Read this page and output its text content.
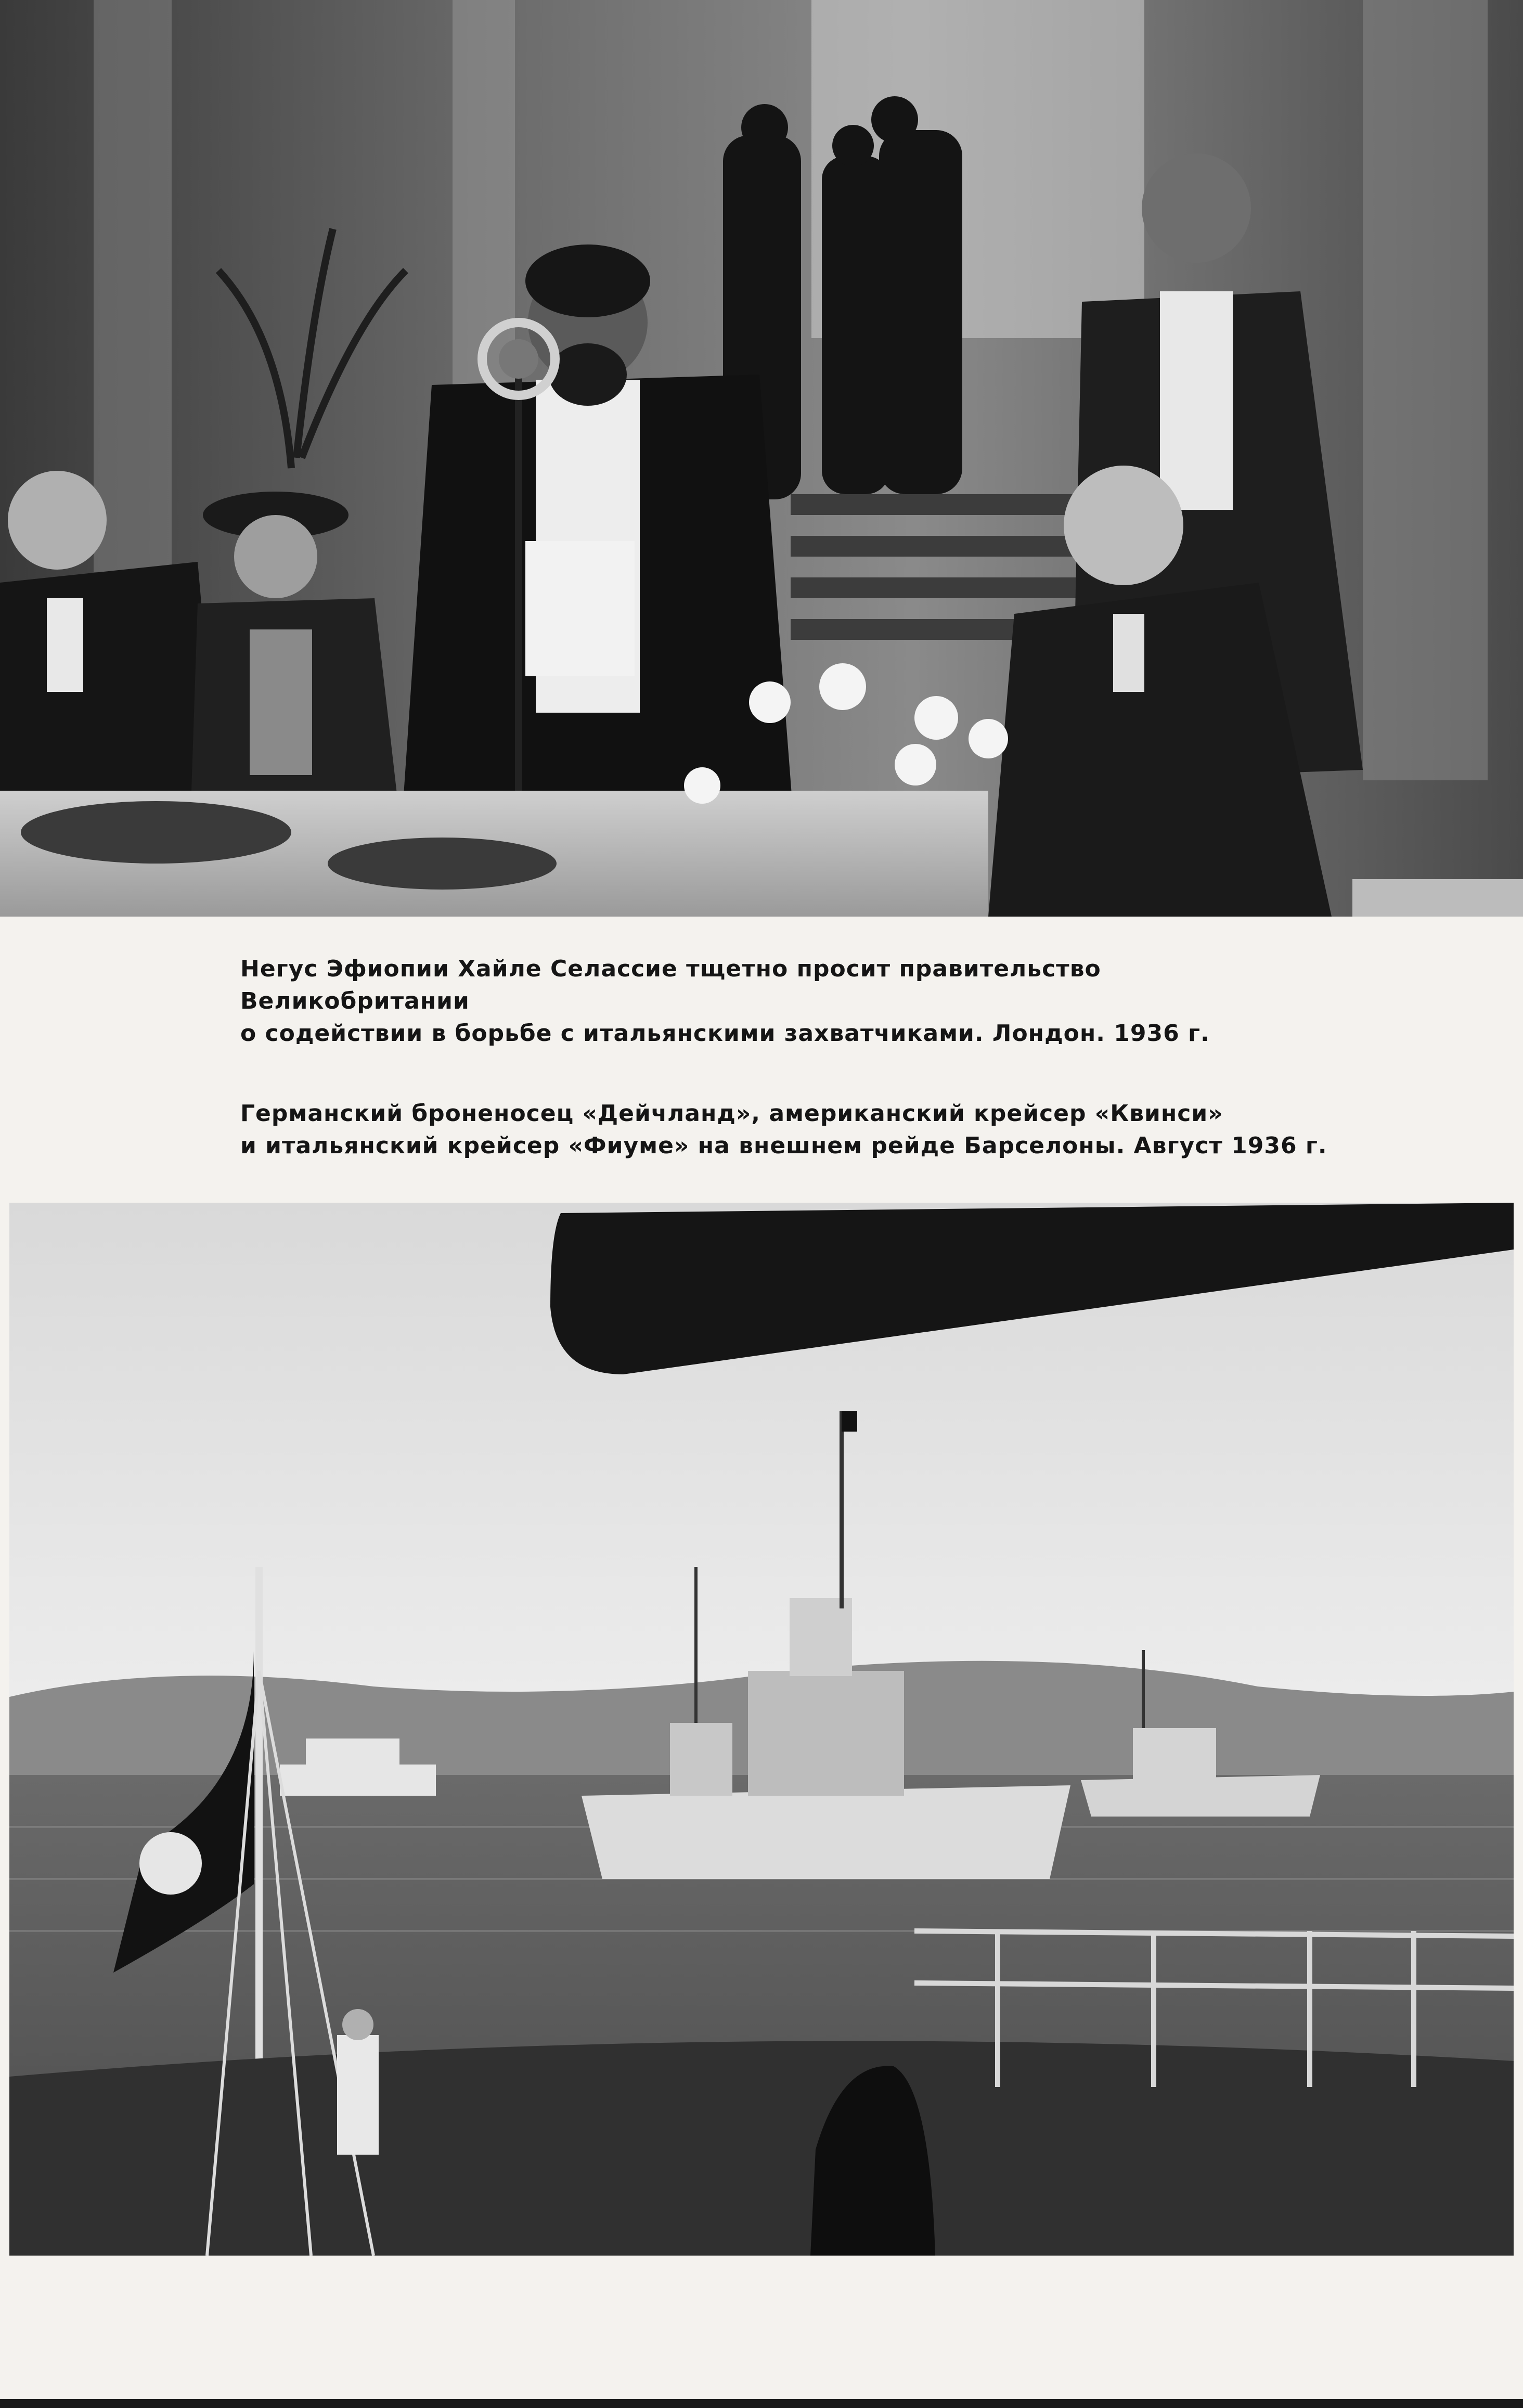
Негус Эфиопии Хайле Селассие тщетно просит правительство Великобритании

о содействии в борьбе с итальянскими захватчиками. Лондон. 1936 г.

Германский броненосец «Дейчланд», американский крейсер «Квинси»

и итальянский крейсер «Фиуме» на внешнем рейде Барселоны. Август 1936 г.
